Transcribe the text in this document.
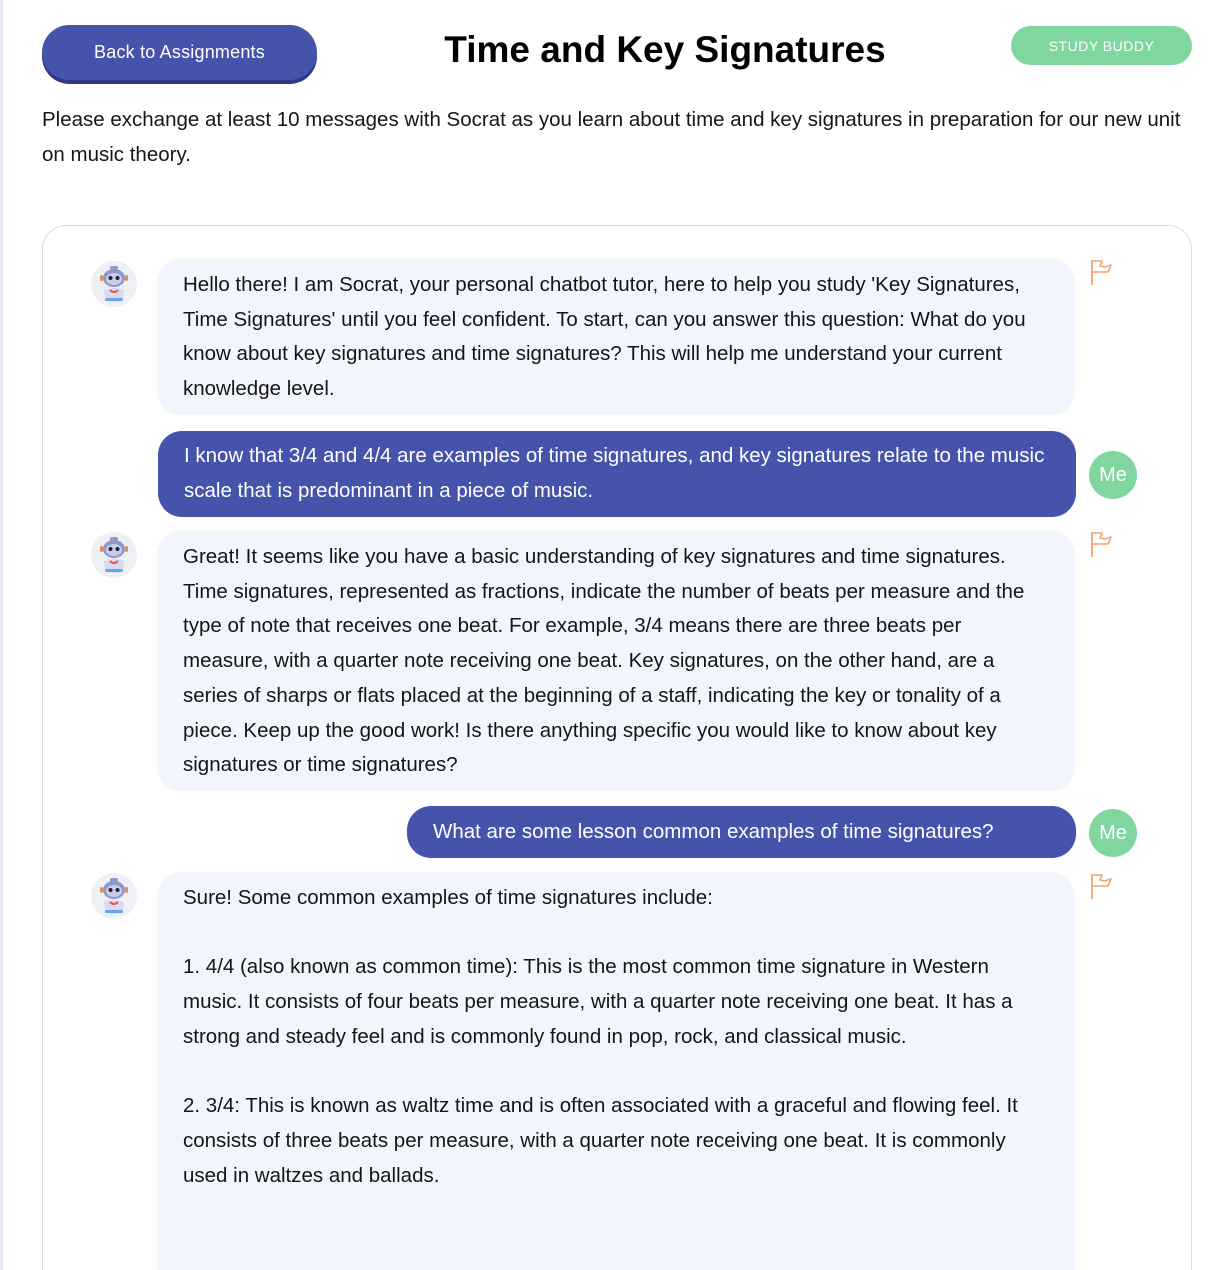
Back to Assignments	Time and Key Signatures	STUDY BUDDY

Please exchange at least 10 messages with Socrat as you learn about time and key signatures in preparation for our new unit on music theory.

Hello there! I am Socrat, your personal chatbot tutor, here to help you study 'Key Signatures, Time Signatures' until you feel confident. To start, can you answer this question: What do you know about key signatures and time signatures? This will help me understand your current knowledge level.
I know that 3/4 and 4/4 are examples of time signatures, and key signatures relate to the music scale that is predominant in a piece of music.
Me
Great! It seems like you have a basic understanding of key signatures and time signatures. Time signatures, represented as fractions, indicate the number of beats per measure and the type of note that receives one beat. For example, 3/4 means there are three beats per measure, with a quarter note receiving one beat. Key signatures, on the other hand, are a series of sharps or flats placed at the beginning of a staff, indicating the key or tonality of a piece. Keep up the good work! Is there anything specific you would like to know about key signatures or time signatures?
What are some lesson common examples of time signatures?	Me
Sure! Some common examples of time signatures include:

1. 4/4 (also known as common time): This is the most common time signature in Western music. It consists of four beats per measure, with a quarter note receiving one beat. It has a strong and steady feel and is commonly found in pop, rock, and classical music.

2. 3/4: This is known as waltz time and is often associated with a graceful and flowing feel. It consists of three beats per measure, with a quarter note receiving one beat. It is commonly used in waltzes and ballads.
